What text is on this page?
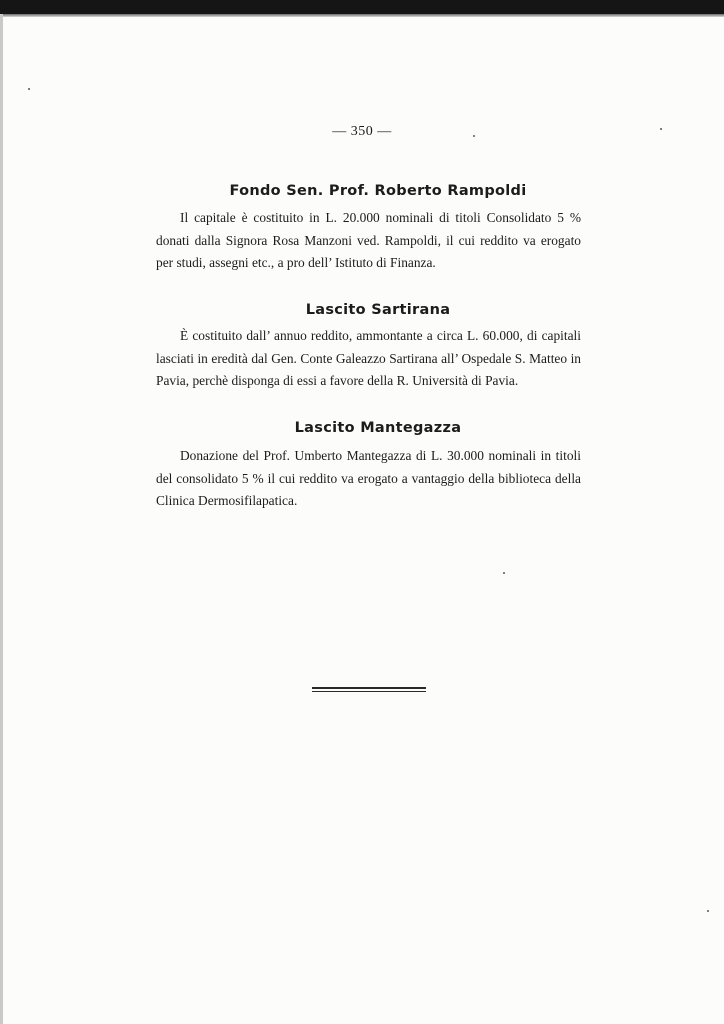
— 350 —
Fondo Sen. Prof. Roberto Rampoldi

Il capitale è costituito in L. 20.000 nominali di titoli Consolidato 5 % donati dalla Signora Rosa Manzoni ved. Rampoldi, il cui reddito va erogato per studi, assegni etc., a pro dell’ Istituto di Finanza.

Lascito Sartirana

È costituito dall’ annuo reddito, ammontante a circa L. 60.000, di capitali lasciati in eredità dal Gen. Conte Galeazzo Sartirana all’ Ospedale S. Matteo in Pavia, perchè disponga di essi a favore della R. Università di Pavia.

Lascito Mantegazza

Donazione del Prof. Umberto Mantegazza di L. 30.000 nominali in titoli del consolidato 5 % il cui reddito va erogato a vantaggio della biblioteca della Clinica Dermosifilapatica.
